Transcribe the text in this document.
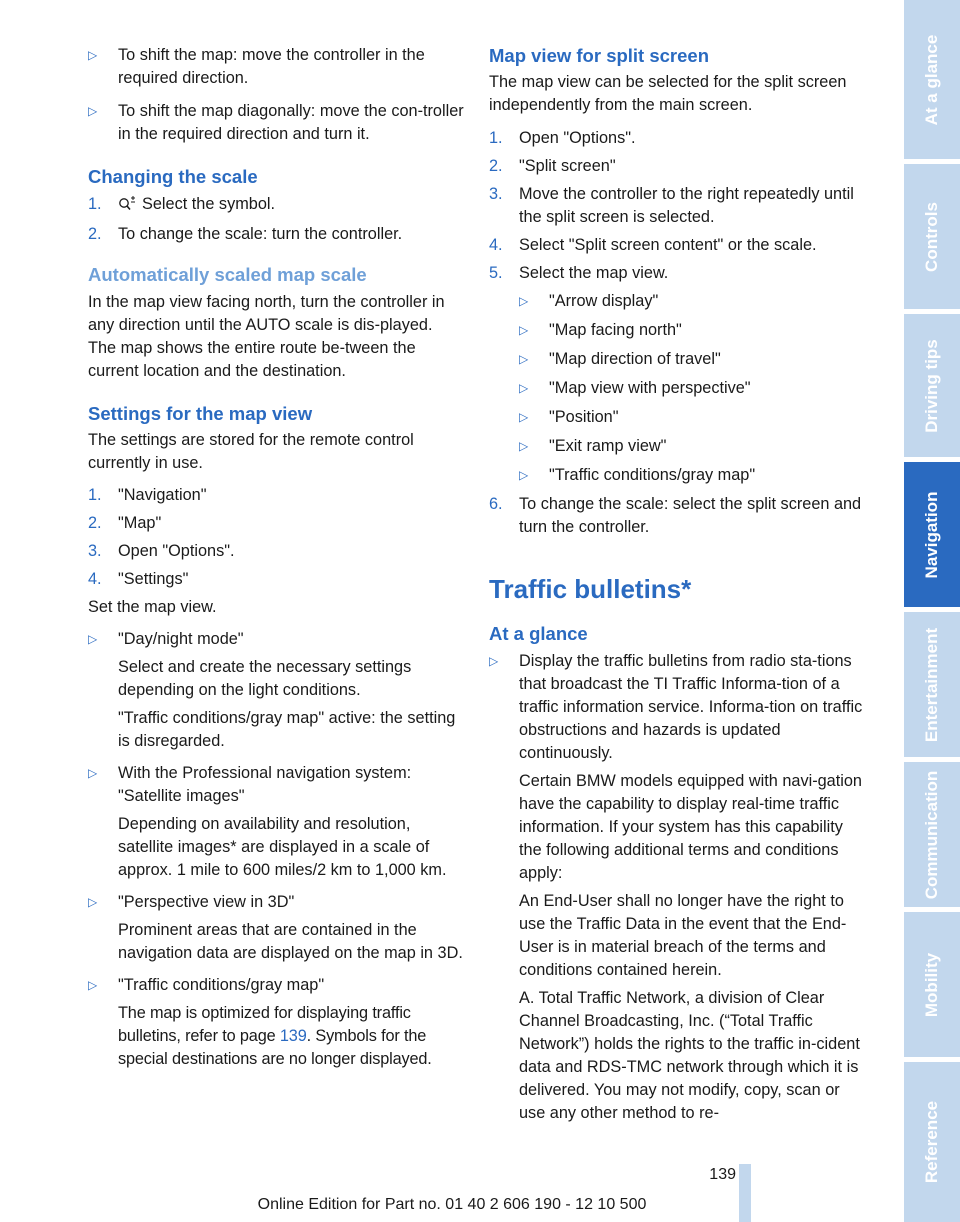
▷ To shift the map: move the controller in the required direction.
▷ To shift the map diagonally: move the con-troller in the required direction and turn it.
Changing the scale
1. Select the symbol.
2. To change the scale: turn the controller.
Automatically scaled map scale

In the map view facing north, turn the controller in any direction until the AUTO scale is dis-played. The map shows the entire route be-tween the current location and the destination.

Settings for the map view

The settings are stored for the remote control currently in use.

1. "Navigation"
2. "Map"
3. Open "Options".
4. "Settings"

Set the map view.

▷ "Day/night mode"
Select and create the necessary settings depending on the light conditions.
"Traffic conditions/gray map" active: the setting is disregarded.
▷ With the Professional navigation system: "Satellite images"
Depending on availability and resolution, satellite images* are displayed in a scale of approx. 1 mile to 600 miles/2 km to 1,000 km.
▷ "Perspective view in 3D"
Prominent areas that are contained in the navigation data are displayed on the map in 3D.
▷ "Traffic conditions/gray map"
The map is optimized for displaying traffic bulletins, refer to page 139. Symbols for the special destinations are no longer displayed.
Map view for split screen

The map view can be selected for the split screen independently from the main screen.

1. Open "Options".
2. "Split screen"
3. Move the controller to the right repeatedly until the split screen is selected.
4. Select "Split screen content" or the scale.
5. Select the map view.
▷ "Arrow display"
▷ "Map facing north"
▷ "Map direction of travel"
▷ "Map view with perspective"
▷ "Position"
▷ "Exit ramp view"
▷ "Traffic conditions/gray map"
6. To change the scale: select the split screen and turn the controller.
Traffic bulletins*
At a glance
▷ Display the traffic bulletins from radio sta-tions that broadcast the TI Traffic Informa-tion of a traffic information service. Informa-tion on traffic obstructions and hazards is updated continuously.
Certain BMW models equipped with navi-gation have the capability to display real-time traffic information. If your system has this capability the following additional terms and conditions apply:
An End-User shall no longer have the right to use the Traffic Data in the event that the End-User is in material breach of the terms and conditions contained herein.
A. Total Traffic Network, a division of Clear Channel Broadcasting, Inc. (“Total Traffic Network”) holds the rights to the traffic in-cident data and RDS-TMC network through which it is delivered. You may not modify, copy, scan or use any other method to re-
At a glance
Controls
Driving tips
Navigation
Entertainment
Communication
Mobility
Reference
139
Online Edition for Part no. 01 40 2 606 190 - 12 10 500
